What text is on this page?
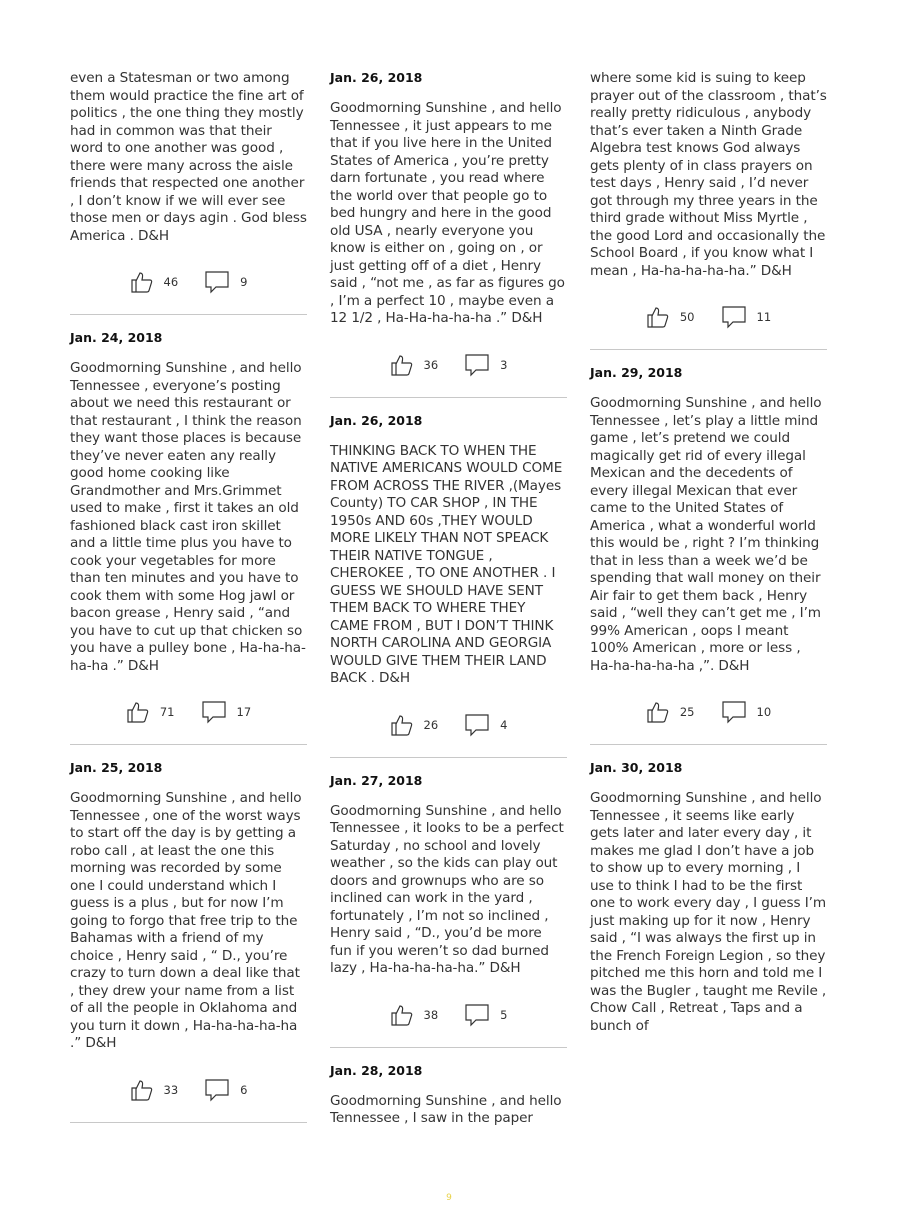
even a Statesman or two among them would practice the fine art of politics , the one thing they mostly had in common was that their word to one another was good , there were many across the aisle friends that respected one another , I don’t know if we will ever see those men or days agin . God bless America . D&H

46	9
Jan. 24, 2018

Goodmorning Sunshine , and hello Tennessee , everyone’s posting about we need this restaurant or that restaurant , I think the reason they want those places is because they’ve never eaten any really good home cooking like Grandmother and Mrs.Grimmet used to make , first it takes an old fashioned black cast iron skillet and a little time plus you have to cook your vegetables for more than ten minutes and you have to cook them with some Hog jawl or bacon grease , Henry said , “and you have to cut up that chicken so you have a pulley bone , Ha-ha-ha-ha-ha .” D&H

71	17
Jan. 25, 2018

Goodmorning Sunshine , and hello Tennessee , one of the worst ways to start off the day is by getting a robo call , at least the one this morning was recorded by some one I could understand which I guess is a plus , but for now I’m going to forgo that free trip to the Bahamas with a friend of my choice , Henry said , “ D., you’re crazy to turn down a deal like that , they drew your name from a list of all the people in Oklahoma and you turn it down , Ha-ha-ha-ha-ha .” D&H

33	6
Jan. 26, 2018

Goodmorning Sunshine , and hello Tennessee , it just appears to me that if you live here in the United States of America , you’re pretty darn fortunate , you read where the world over that people go to bed hungry and here in the good old USA , nearly everyone you know is either on , going on , or just getting off of a diet , Henry said , “not me , as far as figures go , I’m a perfect 10 , maybe even a 12 1/2 , Ha-Ha-ha-ha-ha .” D&H

36	3
Jan. 26, 2018

THINKING BACK TO WHEN THE NATIVE AMERICANS WOULD COME FROM ACROSS THE RIVER ,(Mayes County) TO CAR SHOP , IN THE 1950s AND 60s ,THEY WOULD MORE LIKELY THAN NOT SPEACK THEIR NATIVE TONGUE , CHEROKEE , TO ONE ANOTHER . I GUESS WE SHOULD HAVE SENT THEM BACK TO WHERE THEY CAME FROM , BUT I DON’T THINK NORTH CAROLINA AND GEORGIA WOULD GIVE THEM THEIR LAND BACK . D&H

26	4
Jan. 27, 2018

Goodmorning Sunshine , and hello Tennessee , it looks to be a perfect Saturday , no school and lovely weather , so the kids can play out doors and grownups who are so inclined can work in the yard , fortunately , I’m not so inclined , Henry said , “D., you’d be more fun if you weren’t so dad burned lazy , Ha-ha-ha-ha-ha.” D&H

38	5
Jan. 28, 2018

Goodmorning Sunshine , and hello Tennessee , I saw in the paper

where some kid is suing to keep prayer out of the classroom , that’s really pretty ridiculous , anybody that’s ever taken a Ninth Grade Algebra test knows God always gets plenty of in class prayers on test days , Henry said , I’d never got through my three years in the third grade without Miss Myrtle , the good Lord and occasionally the School Board , if you know what I mean , Ha-ha-ha-ha-ha.” D&H

50	11
Jan. 29, 2018

Goodmorning Sunshine , and hello Tennessee , let’s play a little mind game , let’s pretend we could magically get rid of every illegal Mexican and the decedents of every illegal Mexican that ever came to the United States of America , what a wonderful world this would be , right ? I’m thinking that in less than a week we’d be spending that wall money on their Air fair to get them back , Henry said , “well they can’t get me , I’m 99% American , oops I meant 100% American , more or less , Ha-ha-ha-ha-ha ,”. D&H

25	10
Jan. 30, 2018

Goodmorning Sunshine , and hello Tennessee , it seems like early gets later and later every day , it makes me glad I don’t have a job to show up to every morning , I use to think I had to be the first one to work every day , I guess I’m just making up for it now , Henry said , “I was always the first up in the French Foreign Legion , so they pitched me this horn and told me I was the Bugler , taught me Revile , Chow Call , Retreat , Taps and a bunch of

9
